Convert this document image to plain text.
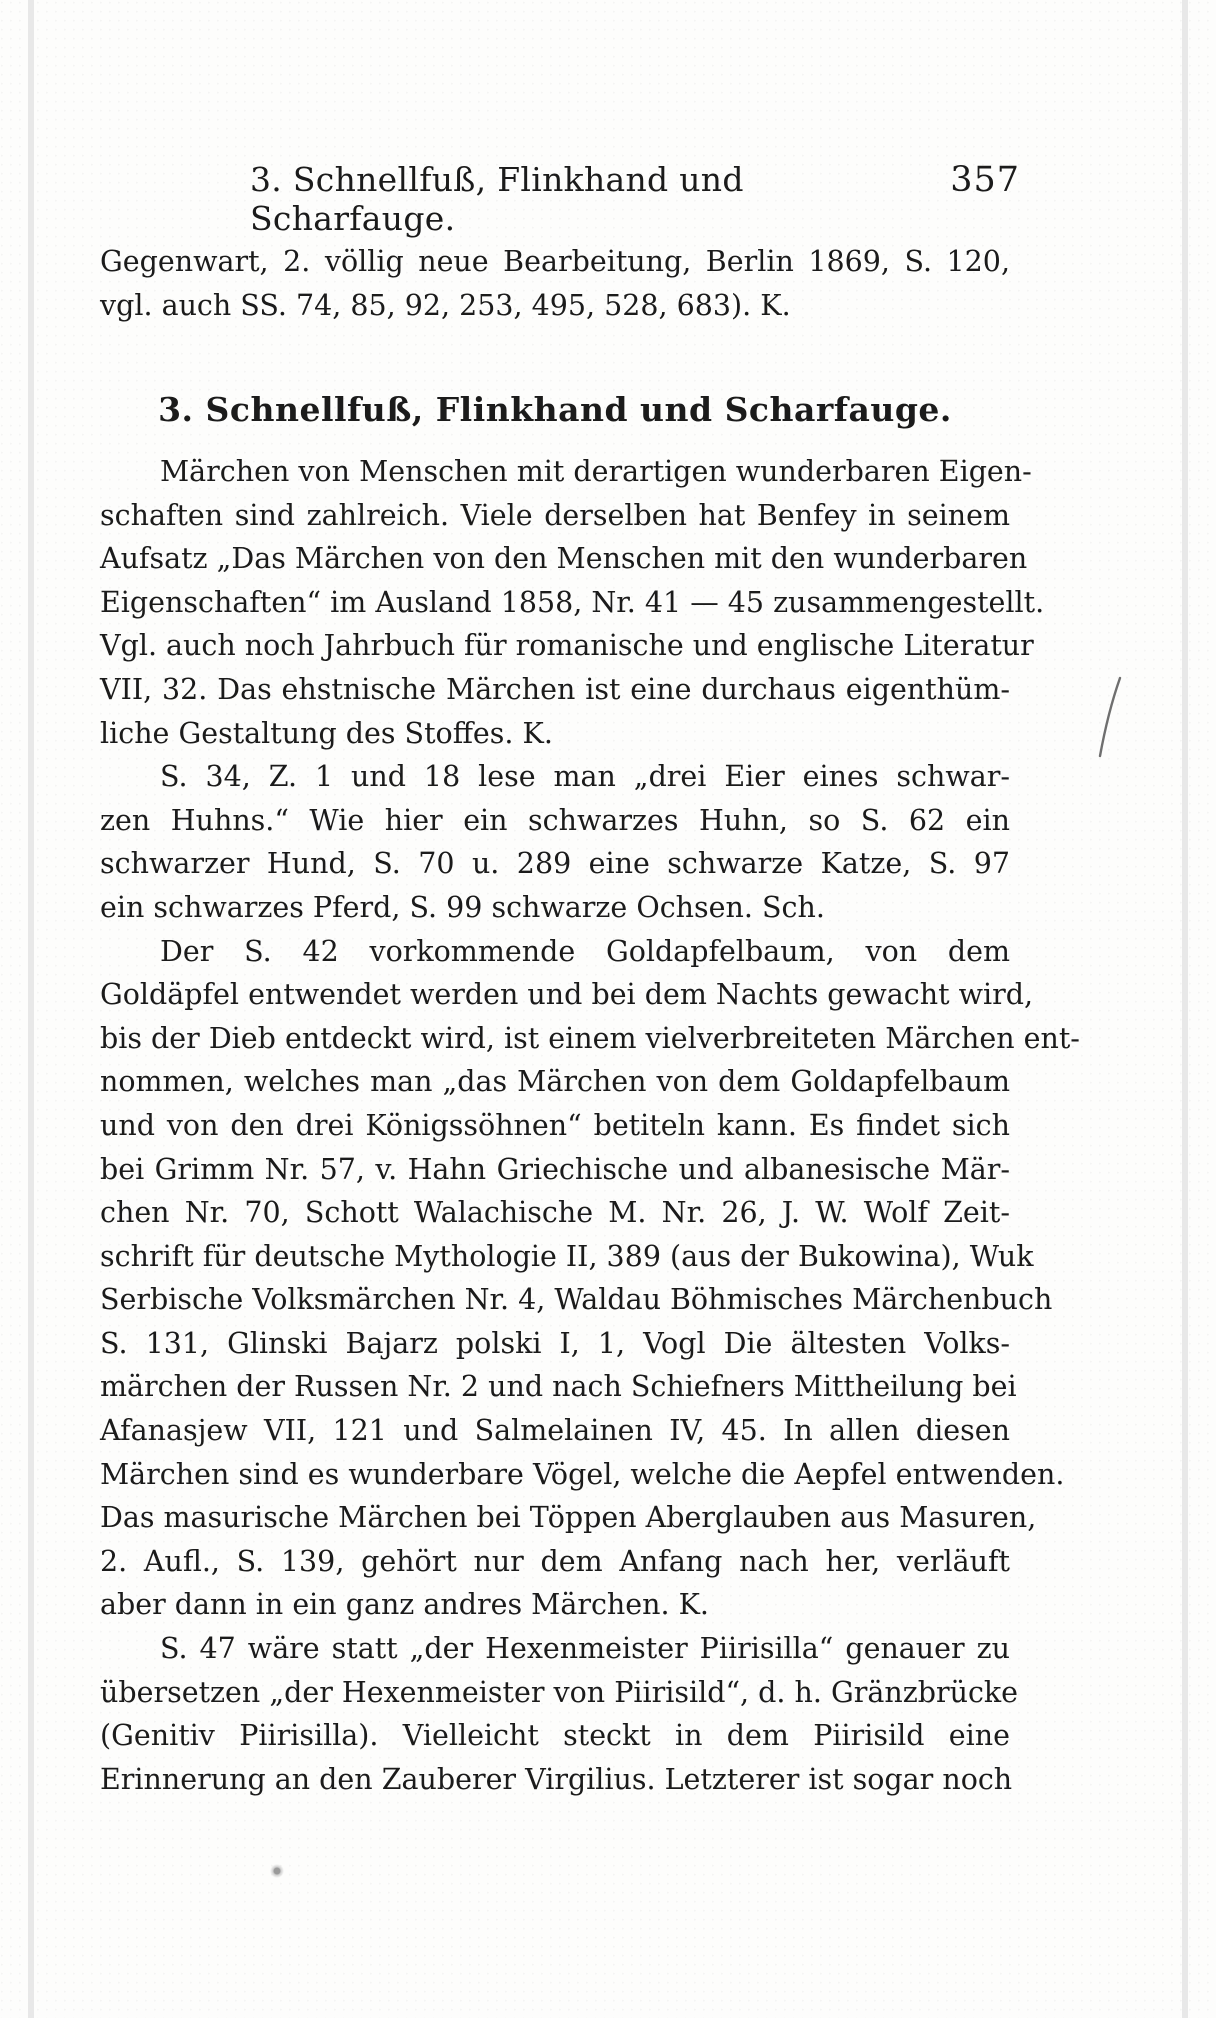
3. Schnellfuß, Flinkhand und Scharfauge.
357
Gegenwart, 2. völlig neue Bearbeitung, Berlin 1869, S. 120,
vgl. auch SS. 74, 85, 92, 253, 495, 528, 683). K.
3. Schnellfuß, Flinkhand und Scharfauge.
Märchen von Menschen mit derartigen wunderbaren Eigen-
schaften sind zahlreich. Viele derselben hat Benfey in seinem
Aufsatz „Das Märchen von den Menschen mit den wunderbaren
Eigenschaften“ im Ausland 1858, Nr. 41 — 45 zusammengestellt.
Vgl. auch noch Jahrbuch für romanische und englische Literatur
VII, 32. Das ehstnische Märchen ist eine durchaus eigenthüm-
liche Gestaltung des Stoffes. K.
S. 34, Z. 1 und 18 lese man „drei Eier eines schwar-
zen Huhns.“ Wie hier ein schwarzes Huhn, so S. 62 ein
schwarzer Hund, S. 70 u. 289 eine schwarze Katze, S. 97
ein schwarzes Pferd, S. 99 schwarze Ochsen. Sch.
Der S. 42 vorkommende Goldapfelbaum, von dem
Goldäpfel entwendet werden und bei dem Nachts gewacht wird,
bis der Dieb entdeckt wird, ist einem vielverbreiteten Märchen ent-
nommen, welches man „das Märchen von dem Goldapfelbaum
und von den drei Königssöhnen“ betiteln kann. Es findet sich
bei Grimm Nr. 57, v. Hahn Griechische und albanesische Mär-
chen Nr. 70, Schott Walachische M. Nr. 26, J. W. Wolf Zeit-
schrift für deutsche Mythologie II, 389 (aus der Bukowina), Wuk
Serbische Volksmärchen Nr. 4, Waldau Böhmisches Märchenbuch
S. 131, Glinski Bajarz polski I, 1, Vogl Die ältesten Volks-
märchen der Russen Nr. 2 und nach Schiefners Mittheilung bei
Afanasjew VII, 121 und Salmelainen IV, 45. In allen diesen
Märchen sind es wunderbare Vögel, welche die Aepfel entwenden.
Das masurische Märchen bei Töppen Aberglauben aus Masuren,
2. Aufl., S. 139, gehört nur dem Anfang nach her, verläuft
aber dann in ein ganz andres Märchen. K.
S. 47 wäre statt „der Hexenmeister Piirisilla“ genauer zu
übersetzen „der Hexenmeister von Piirisild“, d. h. Gränzbrücke
(Genitiv Piirisilla). Vielleicht steckt in dem Piirisild eine
Erinnerung an den Zauberer Virgilius. Letzterer ist sogar noch
